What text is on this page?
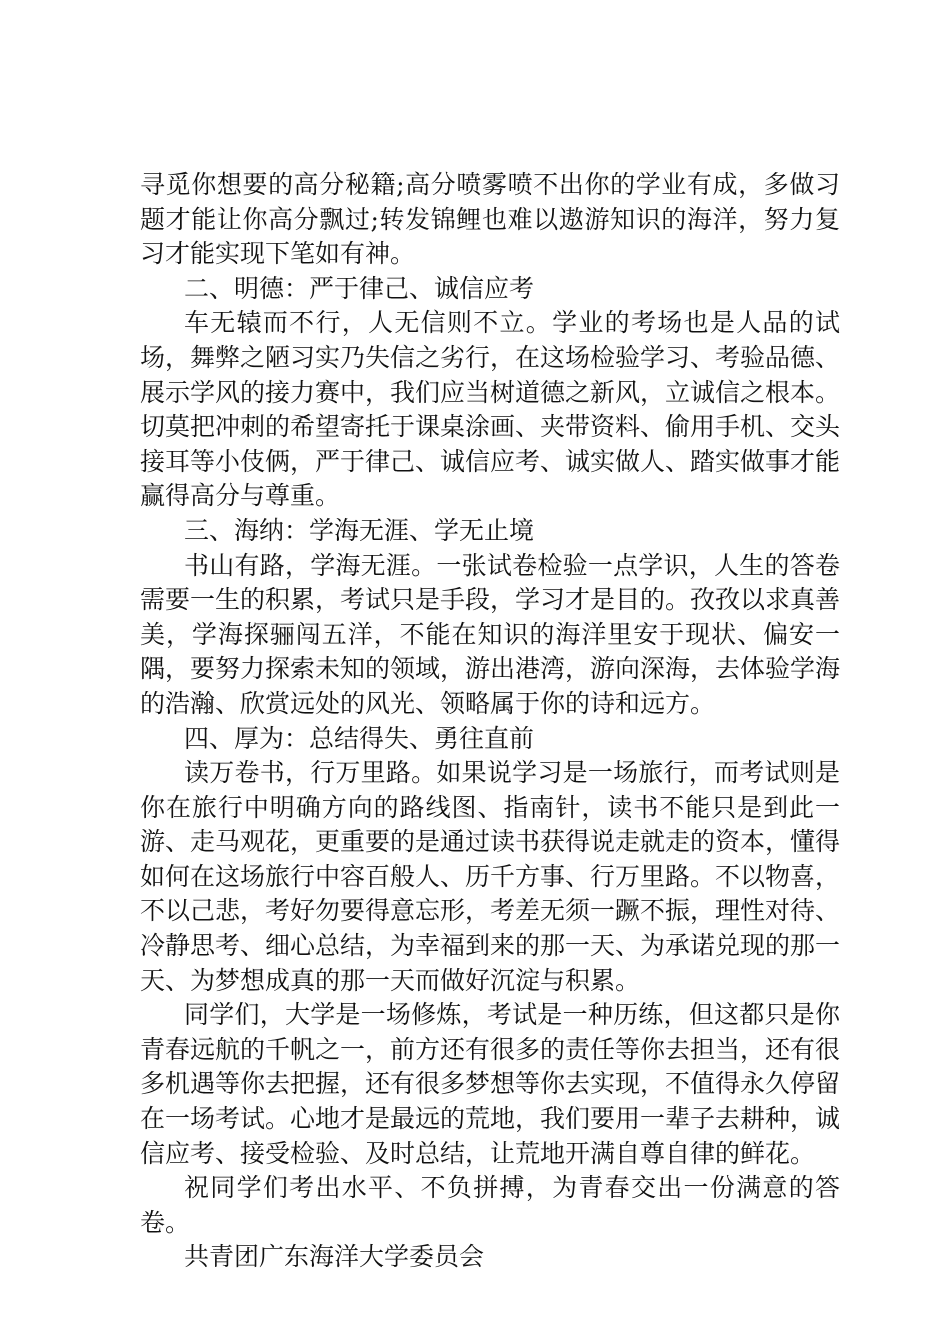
寻觅你想要的高分秘籍;高分喷雾喷不出你的学业有成，多做习题才能让你高分飘过;转发锦鲤也难以遨游知识的海洋，努力复习才能实现下笔如有神。

二、明德：严于律己、诚信应考

车无辕而不行，人无信则不立。学业的考场也是人品的试场，舞弊之陋习实乃失信之劣行，在这场检验学习、考验品德、展示学风的接力赛中，我们应当树道德之新风，立诚信之根本。切莫把冲刺的希望寄托于课桌涂画、夹带资料、偷用手机、交头接耳等小伎俩，严于律己、诚信应考、诚实做人、踏实做事才能赢得高分与尊重。

三、海纳：学海无涯、学无止境

书山有路，学海无涯。一张试卷检验一点学识，人生的答卷需要一生的积累，考试只是手段，学习才是目的。孜孜以求真善美，学海探骊闯五洋，不能在知识的海洋里安于现状、偏安一隅，要努力探索未知的领域，游出港湾，游向深海，去体验学海的浩瀚、欣赏远处的风光、领略属于你的诗和远方。

四、厚为：总结得失、勇往直前

读万卷书，行万里路。如果说学习是一场旅行，而考试则是你在旅行中明确方向的路线图、指南针，读书不能只是到此一游、走马观花，更重要的是通过读书获得说走就走的资本，懂得如何在这场旅行中容百般人、历千方事、行万里路。不以物喜，不以己悲，考好勿要得意忘形，考差无须一蹶不振，理性对待、冷静思考、细心总结，为幸福到来的那一天、为承诺兑现的那一天、为梦想成真的那一天而做好沉淀与积累。

同学们，大学是一场修炼，考试是一种历练，但这都只是你青春远航的千帆之一，前方还有很多的责任等你去担当，还有很多机遇等你去把握，还有很多梦想等你去实现，不值得永久停留在一场考试。心地才是最远的荒地，我们要用一辈子去耕种，诚信应考、接受检验、及时总结，让荒地开满自尊自律的鲜花。

祝同学们考出水平、不负拼搏，为青春交出一份满意的答卷。

共青团广东海洋大学委员会
